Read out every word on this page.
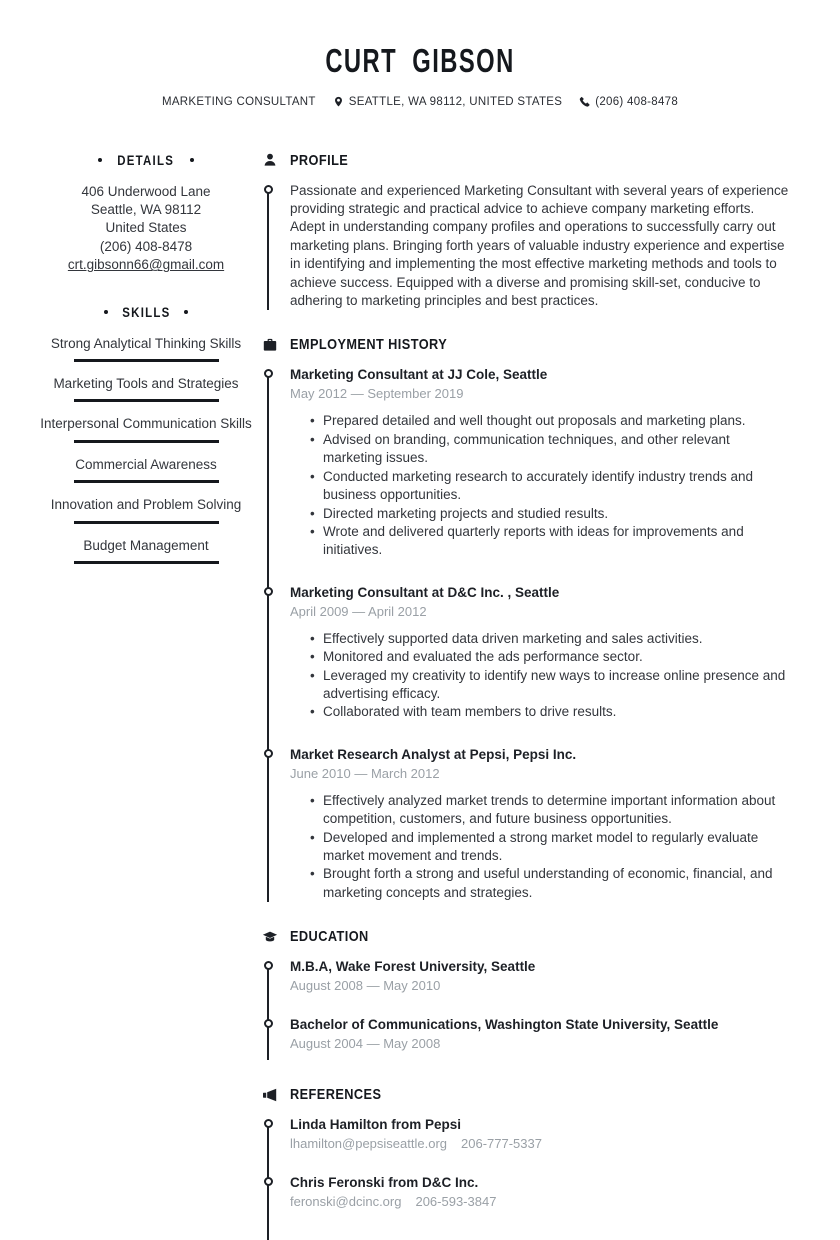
CURT GIBSON
MARKETING CONSULTANT	SEATTLE, WA 98112, UNITED STATES	(206) 408-8478
DETAILS
406 Underwood Lane
Seattle, WA 98112
United States
(206) 408-8478
crt.gibsonn66@gmail.com
SKILLS
Strong Analytical Thinking Skills
Marketing Tools and Strategies
Interpersonal Communication Skills
Commercial Awareness
Innovation and Problem Solving
Budget Management
PROFILE

Passionate and experienced Marketing Consultant with several years of experience providing strategic and practical advice to achieve company marketing efforts. Adept in understanding company profiles and operations to successfully carry out marketing plans. Bringing forth years of valuable industry experience and expertise in identifying and implementing the most effective marketing methods and tools to achieve success. Equipped with a diverse and promising skill-set, conducive to adhering to marketing principles and best practices.

EMPLOYMENT HISTORY
Marketing Consultant at JJ Cole, Seattle
May 2012 — September 2019
• Prepared detailed and well thought out proposals and marketing plans.
• Advised on branding, communication techniques, and other relevant marketing issues.
• Conducted marketing research to accurately identify industry trends and business opportunities.
• Directed marketing projects and studied results.
• Wrote and delivered quarterly reports with ideas for improvements and initiatives.
Marketing Consultant at D&C Inc. , Seattle
April 2009 — April 2012
• Effectively supported data driven marketing and sales activities.
• Monitored and evaluated the ads performance sector.
• Leveraged my creativity to identify new ways to increase online presence and advertising efficacy.
• Collaborated with team members to drive results.
Market Research Analyst at Pepsi, Pepsi Inc.
June 2010 — March 2012
• Effectively analyzed market trends to determine important information about competition, customers, and future business opportunities.
• Developed and implemented a strong market model to regularly evaluate market movement and trends.
• Brought forth a strong and useful understanding of economic, financial, and marketing concepts and strategies.
EDUCATION
M.B.A, Wake Forest University, Seattle
August 2008 — May 2010
Bachelor of Communications, Washington State University, Seattle
August 2004 — May 2008
REFERENCES
Linda Hamilton from Pepsi
lhamilton@pepsiseattle.org 206-777-5337
Chris Feronski from D&C Inc.
feronski@dcinc.org 206-593-3847
